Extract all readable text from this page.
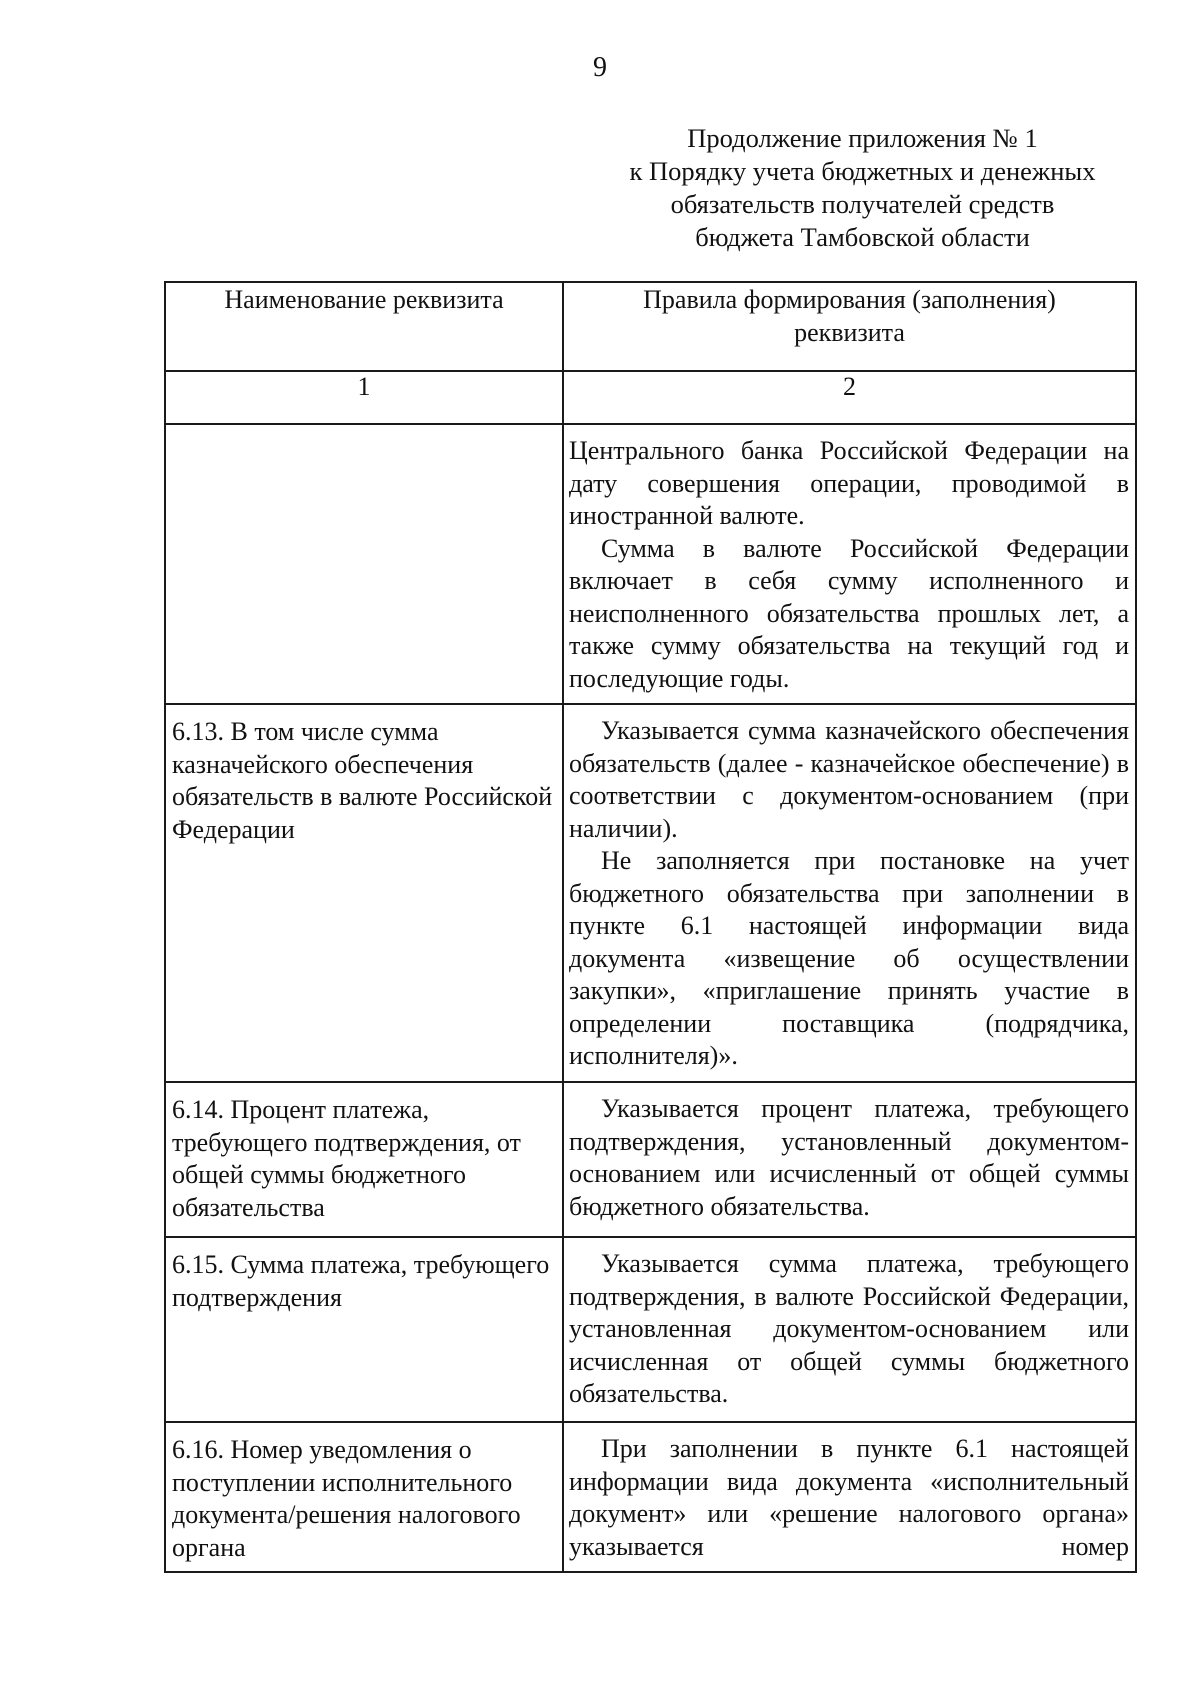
9
Продолжение приложения № 1
к Порядку учета бюджетных и денежных
обязательств получателей средств
бюджета Тамбовской области
Наименование реквизита	Правила формирования (заполнения) реквизита
1	2

	Центрального банка Российской Федерации на дату совершения операции, проводимой в иностранной валюте.

Сумма в валюте Российской Федерации включает в себя сумму исполненного и неисполненного обязательства прошлых лет, а также сумму обязательства на текущий год и последующие годы.

6.13. В том числе сумма казначейского обеспечения обязательств в валюте Российской Федерации	Указывается сумма казначейского обеспечения обязательств (далее - казначейское обеспечение) в соответствии с документом-основанием (при наличии).

Не заполняется при постановке на учет бюджетного обязательства при заполнении в пункте 6.1 настоящей информации вида документа «извещение об осуществлении закупки», «приглашение принять участие в определении поставщика (подрядчика, исполнителя)».

6.14. Процент платежа, требующего подтверждения, от общей суммы бюджетного обязательства	Указывается процент платежа, требующего подтверждения, установленный документом-основанием или исчисленный от общей суммы бюджетного обязательства.

6.15. Сумма платежа, требующего подтверждения	Указывается сумма платежа, требующего подтверждения, в валюте Российской Федерации, установленная документом-основанием или исчисленная от общей суммы бюджетного обязательства.

6.16. Номер уведомления о поступлении исполнительного документа/решения налогового органа	При заполнении в пункте 6.1 настоящей информации вида документа «исполнительный документ» или «решение налогового органа» указывается номер
